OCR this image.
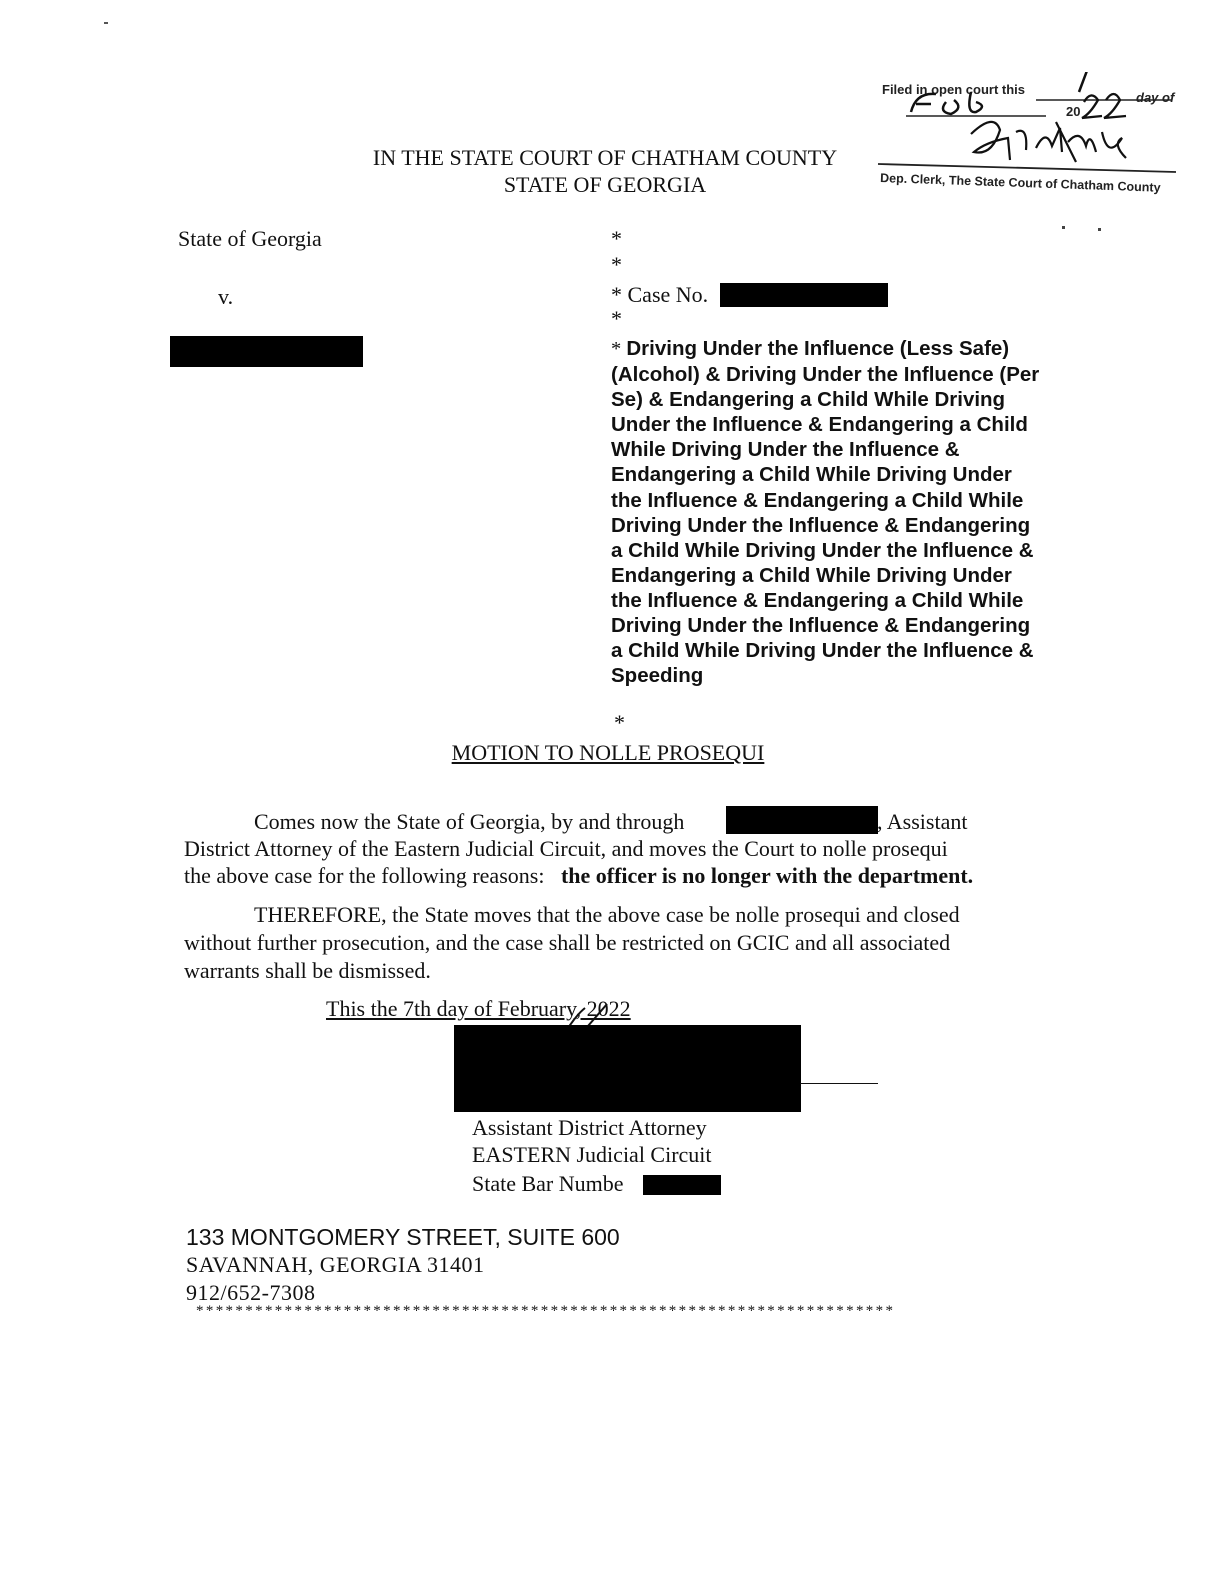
IN THE STATE COURT OF CHATHAM COUNTY
STATE OF GEORGIA
Filed in open court this
day of
20
Dep. Clerk, The State Court of Chatham County
State of Georgia
v.
*
*
* Case No.
*
* Driving Under the Influence (Less Safe) (Alcohol) & Driving Under the Influence (Per Se) & Endangering a Child While Driving Under the Influence & Endangering a Child While Driving Under the Influence & Endangering a Child While Driving Under the Influence & Endangering a Child While Driving Under the Influence & Endangering a Child While Driving Under the Influence & Endangering a Child While Driving Under the Influence & Endangering a Child While Driving Under the Influence & Endangering a Child While Driving Under the Influence & Speeding
*
MOTION TO NOLLE PROSEQUI
Comes now the State of Georgia, by and through	, Assistant
District Attorney of the Eastern Judicial Circuit, and moves the Court to nolle prosequi
the above case for the following reasons: the officer is no longer with the department.
THEREFORE, the State moves that the above case be nolle prosequi and closed
without further prosecution, and the case shall be restricted on GCIC and all associated
warrants shall be dismissed.
This the 7th day of February, 2022
Assistant District Attorney
EASTERN Judicial Circuit
State Bar Numbe
133 MONTGOMERY STREET, SUITE 600
SAVANNAH, GEORGIA 31401
912/652-7308
***********************************************************************
